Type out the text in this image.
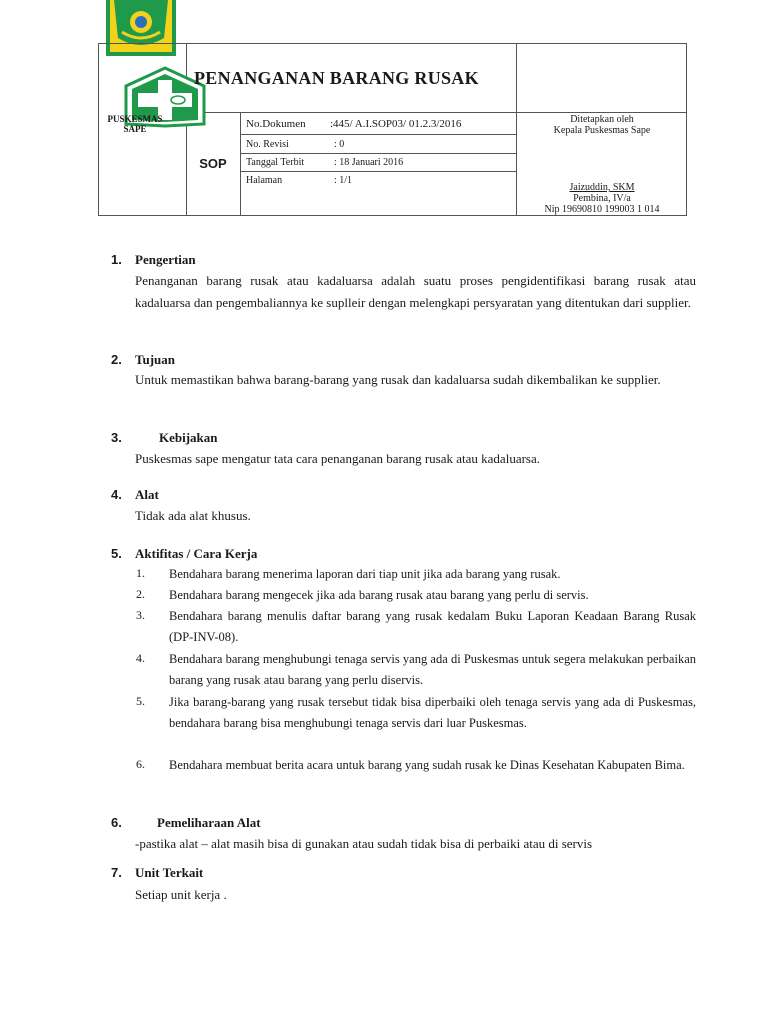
PENANGANAN BARANG RUSAK
PUSKESMAS SAPE
SOP
No.Dokumen :445/ A.I.SOP03/ 01.2.3/2016
No. Revisi	: 0
Tanggal Terbit	: 18 Januari 2016
Halaman	: 1/1
Ditetapkan oleh
Kepala Puskesmas Sape
Jaizuddin, SKM
Pembina, IV/a
Nip 19690810 199003 1 014
1. Pengertian
Penanganan barang rusak atau kadaluarsa adalah suatu proses pengidentifikasi barang rusak atau kadaluarsa dan pengembaliannya ke suplleir dengan melengkapi persyaratan yang ditentukan dari supplier.
2. Tujuan
Untuk memastikan bahwa barang-barang yang rusak dan kadaluarsa sudah dikembalikan ke supplier.
3.	Kebijakan
Puskesmas sape mengatur tata cara penanganan barang rusak atau kadaluarsa.
4. Alat
Tidak ada alat khusus.
5. Aktifitas / Cara Kerja
1. Bendahara barang menerima laporan dari tiap unit jika ada barang yang rusak.
2. Bendahara barang mengecek jika ada barang rusak atau barang yang perlu di servis.
3. Bendahara barang menulis daftar barang yang rusak kedalam Buku Laporan Keadaan Barang Rusak (DP-INV-08).
4. Bendahara barang menghubungi tenaga servis yang ada di Puskesmas untuk segera melakukan perbaikan barang yang rusak atau barang yang perlu diservis.
5. Jika barang-barang yang rusak tersebut tidak bisa diperbaiki oleh tenaga servis yang ada di Puskesmas, bendahara barang bisa menghubungi tenaga servis dari luar Puskesmas.
6. Bendahara membuat berita acara untuk barang yang sudah rusak ke Dinas Kesehatan Kabupaten Bima.
6.	Pemeliharaan Alat
-pastika alat – alat masih bisa di gunakan atau sudah tidak bisa di perbaiki atau di servis
7. Unit Terkait
Setiap unit kerja .
